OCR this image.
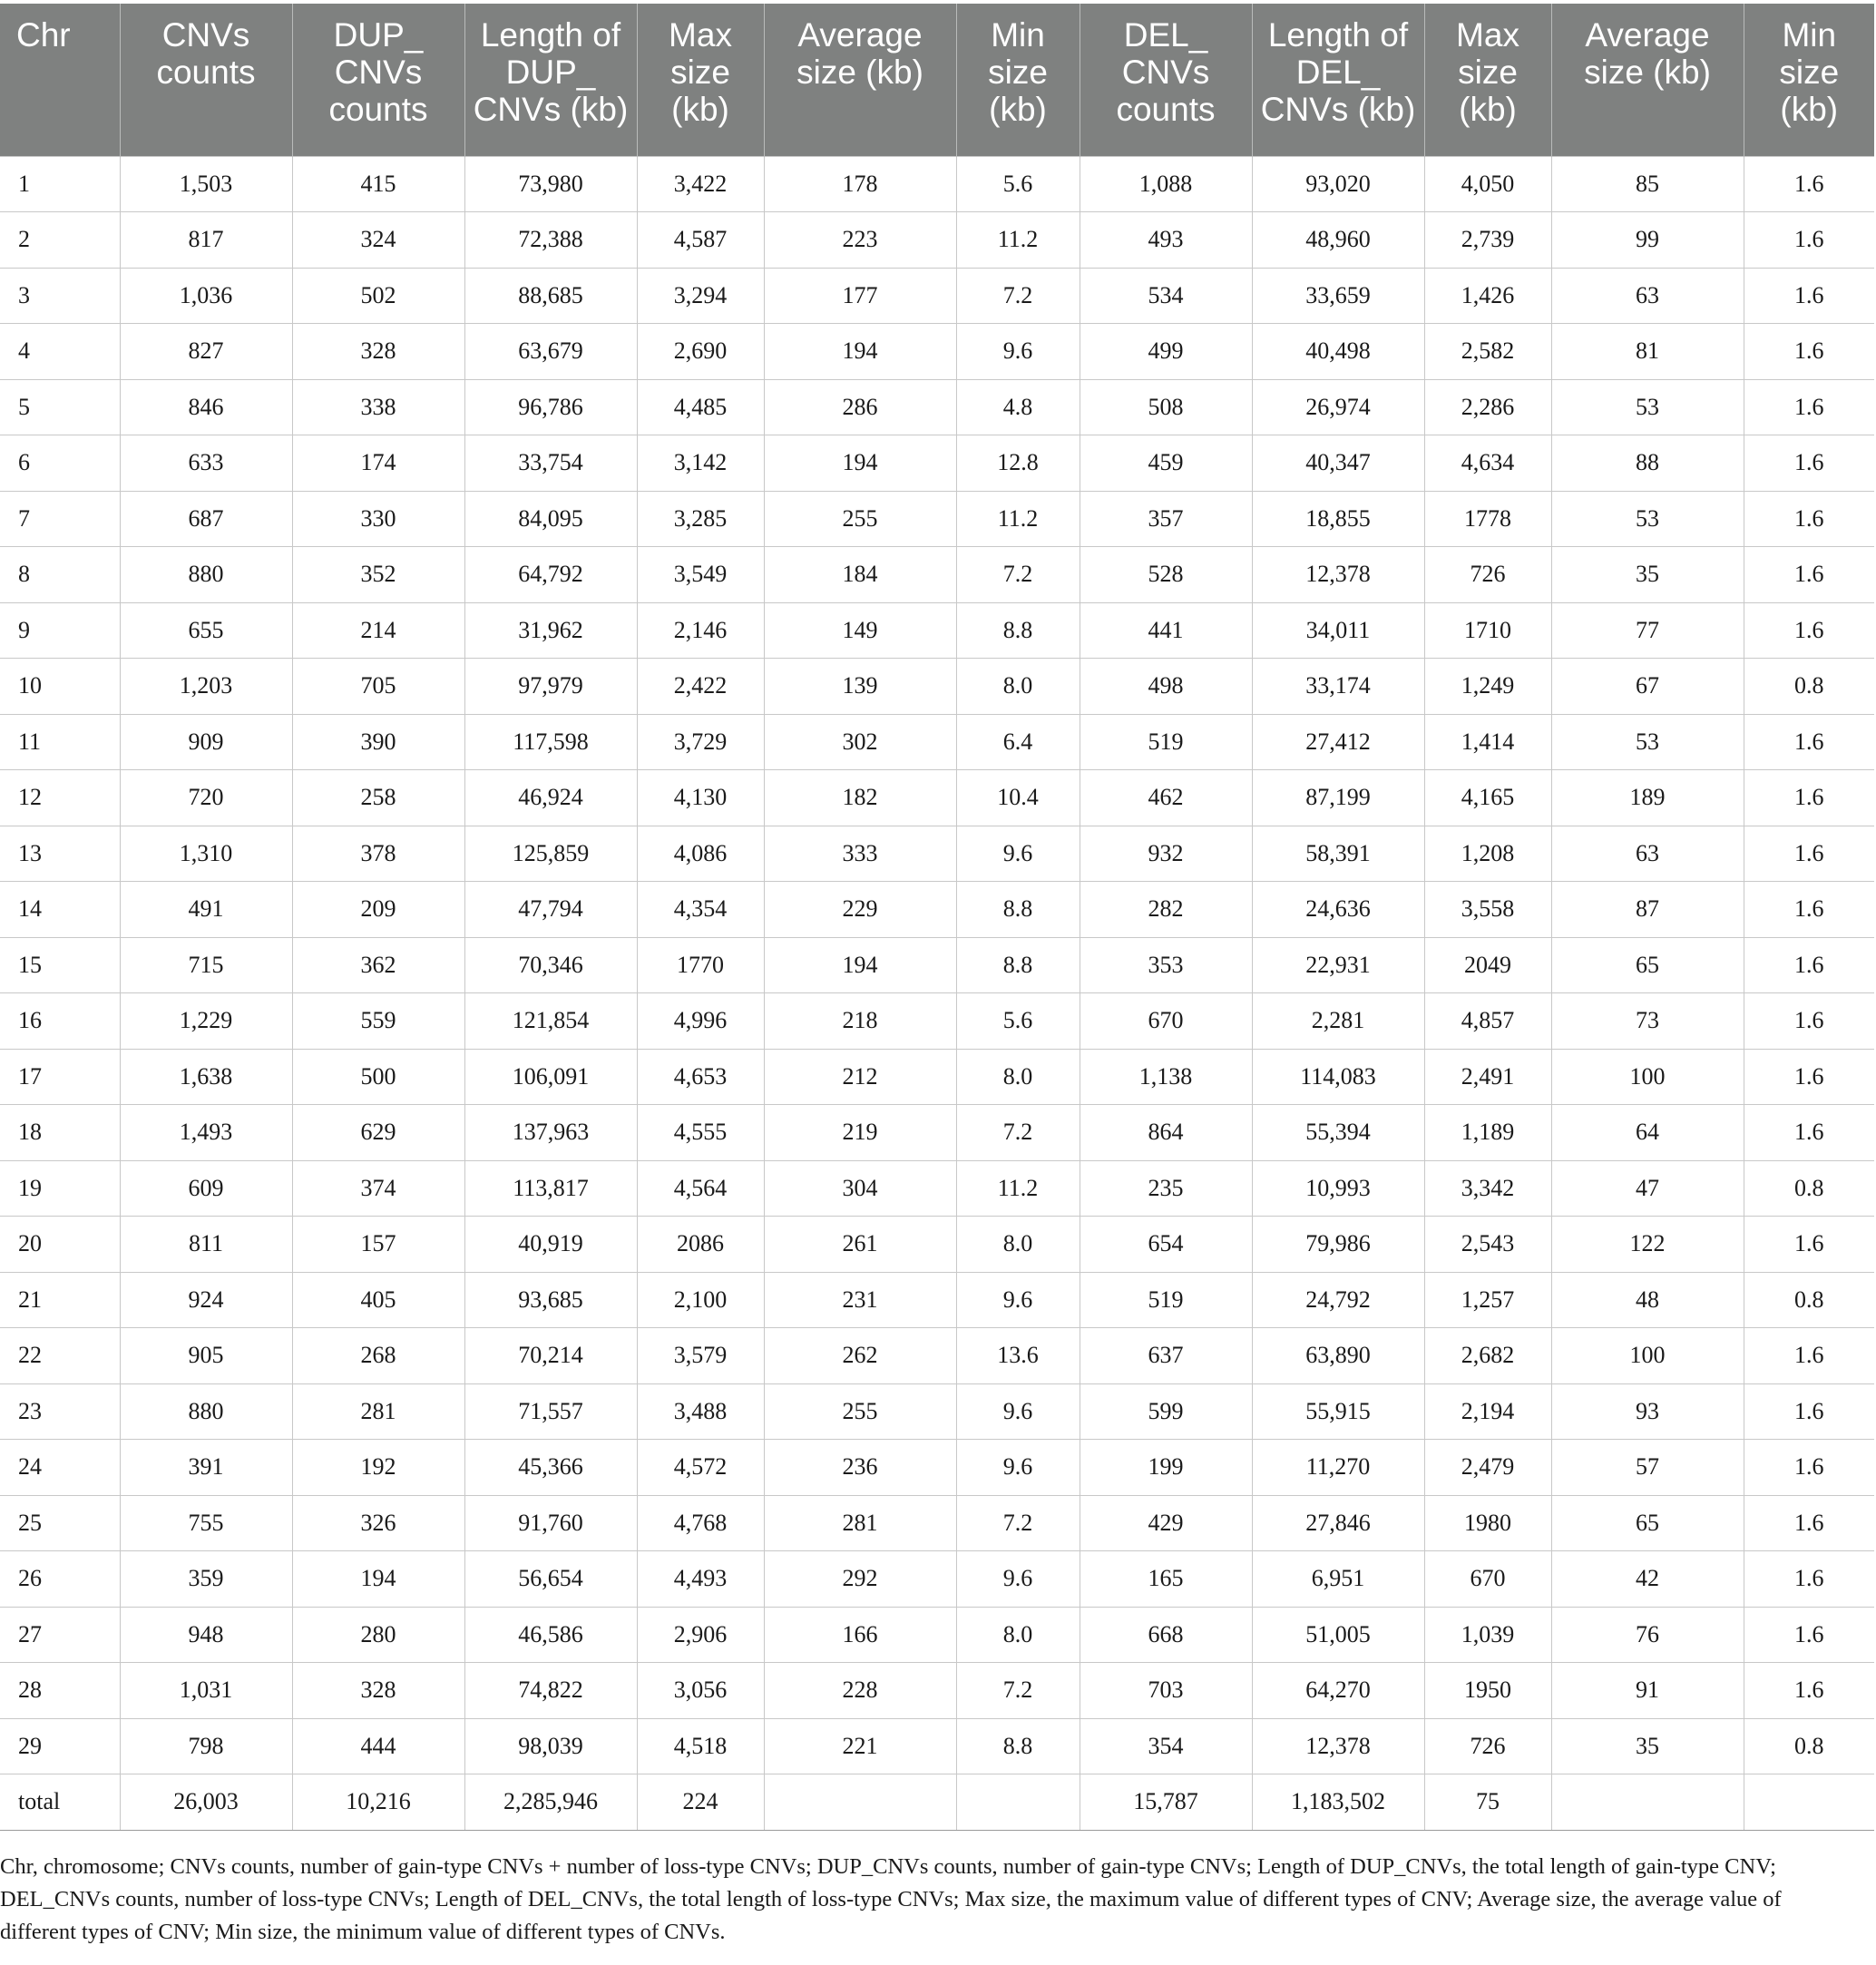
Chr	CNVs counts	DUP_ CNVs counts	Length of DUP_ CNVs (kb)	Max size (kb)	Average size (kb)	Min size (kb)	DEL_ CNVs counts	Length of DEL_ CNVs (kb)	Max size (kb)	Average size (kb)	Min size (kb)
1	1,503	415	73,980	3,422	178	5.6	1,088	93,020	4,050	85	1.6
2	817	324	72,388	4,587	223	11.2	493	48,960	2,739	99	1.6
3	1,036	502	88,685	3,294	177	7.2	534	33,659	1,426	63	1.6
4	827	328	63,679	2,690	194	9.6	499	40,498	2,582	81	1.6
5	846	338	96,786	4,485	286	4.8	508	26,974	2,286	53	1.6
6	633	174	33,754	3,142	194	12.8	459	40,347	4,634	88	1.6
7	687	330	84,095	3,285	255	11.2	357	18,855	1778	53	1.6
8	880	352	64,792	3,549	184	7.2	528	12,378	726	35	1.6
9	655	214	31,962	2,146	149	8.8	441	34,011	1710	77	1.6
10	1,203	705	97,979	2,422	139	8.0	498	33,174	1,249	67	0.8
11	909	390	117,598	3,729	302	6.4	519	27,412	1,414	53	1.6
12	720	258	46,924	4,130	182	10.4	462	87,199	4,165	189	1.6
13	1,310	378	125,859	4,086	333	9.6	932	58,391	1,208	63	1.6
14	491	209	47,794	4,354	229	8.8	282	24,636	3,558	87	1.6
15	715	362	70,346	1770	194	8.8	353	22,931	2049	65	1.6
16	1,229	559	121,854	4,996	218	5.6	670	2,281	4,857	73	1.6
17	1,638	500	106,091	4,653	212	8.0	1,138	114,083	2,491	100	1.6
18	1,493	629	137,963	4,555	219	7.2	864	55,394	1,189	64	1.6
19	609	374	113,817	4,564	304	11.2	235	10,993	3,342	47	0.8
20	811	157	40,919	2086	261	8.0	654	79,986	2,543	122	1.6
21	924	405	93,685	2,100	231	9.6	519	24,792	1,257	48	0.8
22	905	268	70,214	3,579	262	13.6	637	63,890	2,682	100	1.6
23	880	281	71,557	3,488	255	9.6	599	55,915	2,194	93	1.6
24	391	192	45,366	4,572	236	9.6	199	11,270	2,479	57	1.6
25	755	326	91,760	4,768	281	7.2	429	27,846	1980	65	1.6
26	359	194	56,654	4,493	292	9.6	165	6,951	670	42	1.6
27	948	280	46,586	2,906	166	8.0	668	51,005	1,039	76	1.6
28	1,031	328	74,822	3,056	228	7.2	703	64,270	1950	91	1.6
29	798	444	98,039	4,518	221	8.8	354	12,378	726	35	0.8
total	26,003	10,216	2,285,946	224			15,787	1,183,502	75		

Chr, chromosome; CNVs counts, number of gain-type CNVs + number of loss-type CNVs; DUP_CNVs counts, number of gain-type CNVs; Length of DUP_CNVs, the total length of gain-type CNV; DEL_CNVs counts, number of loss-type CNVs; Length of DEL_CNVs, the total length of loss-type CNVs; Max size, the maximum value of different types of CNV; Average size, the average value of different types of CNV; Min size, the minimum value of different types of CNVs.
